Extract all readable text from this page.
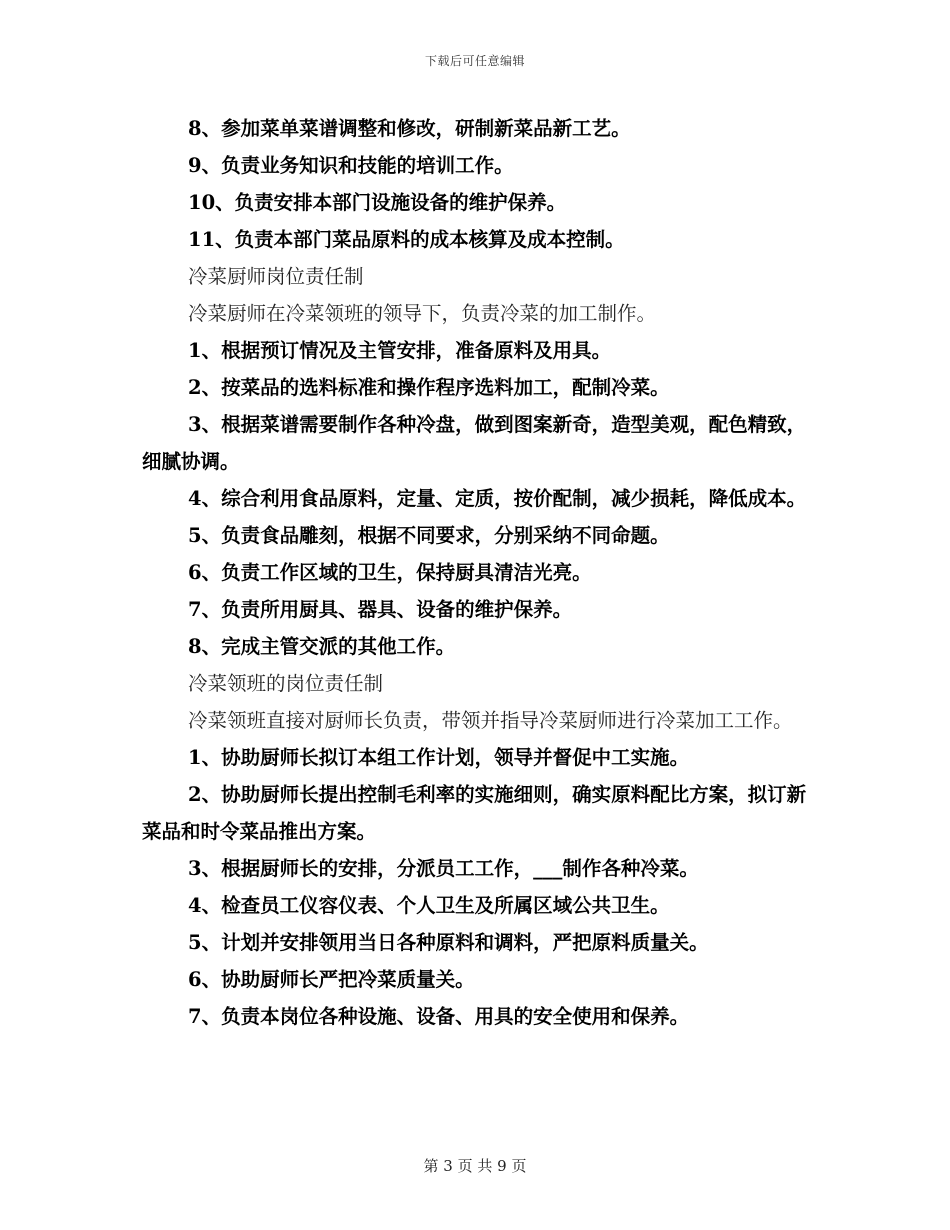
下载后可任意编辑

8、参加菜单菜谱调整和修改，研制新菜品新工艺。

9、负责业务知识和技能的培训工作。

10、负责安排本部门设施设备的维护保养。

11、负责本部门菜品原料的成本核算及成本控制。

冷菜厨师岗位责任制

冷菜厨师在冷菜领班的领导下，负责冷菜的加工制作。

1、根据预订情况及主管安排，准备原料及用具。

2、按菜品的选料标准和操作程序选料加工，配制冷菜。

3、根据菜谱需要制作各种冷盘，做到图案新奇，造型美观，配色精致，细腻协调。

4、综合利用食品原料，定量、定质，按价配制，减少损耗，降低成本。

5、负责食品雕刻，根据不同要求，分别采纳不同命题。

6、负责工作区域的卫生，保持厨具清洁光亮。

7、负责所用厨具、器具、设备的维护保养。

8、完成主管交派的其他工作。

冷菜领班的岗位责任制

冷菜领班直接对厨师长负责，带领并指导冷菜厨师进行冷菜加工工作。

1、协助厨师长拟订本组工作计划，领导并督促中工实施。

2、协助厨师长提出控制毛利率的实施细则，确实原料配比方案，拟订新菜品和时令菜品推出方案。

3、根据厨师长的安排，分派员工工作，___制作各种冷菜。

4、检查员工仪容仪表、个人卫生及所属区域公共卫生。

5、计划并安排领用当日各种原料和调料，严把原料质量关。

6、协助厨师长严把冷菜质量关。

7、负责本岗位各种设施、设备、用具的安全使用和保养。

第 3 页 共 9 页
